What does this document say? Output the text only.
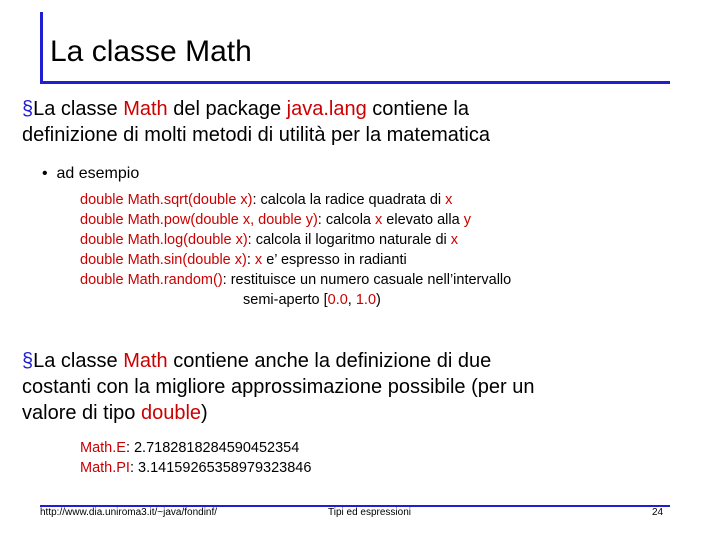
La classe Math
§La classe Math del package java.lang contiene la
definizione di molti metodi di utilità per la matematica
• ad esempio
double Math.sqrt(double x): calcola la radice quadrata di x
double Math.pow(double x, double y): calcola x elevato alla y
double Math.log(double x): calcola il logaritmo naturale di x
double Math.sin(double x): x e’ espresso in radianti
double Math.random(): restituisce un numero casuale nell’intervallo
semi-aperto [0.0, 1.0)
§La classe Math contiene anche la definizione di due
costanti con la migliore approssimazione possibile (per un
valore di tipo double)
Math.E: 2.7182818284590452354
Math.PI: 3.14159265358979323846
http://www.dia.uniroma3.it/~java/fondinf/	Tipi ed espressioni	24
